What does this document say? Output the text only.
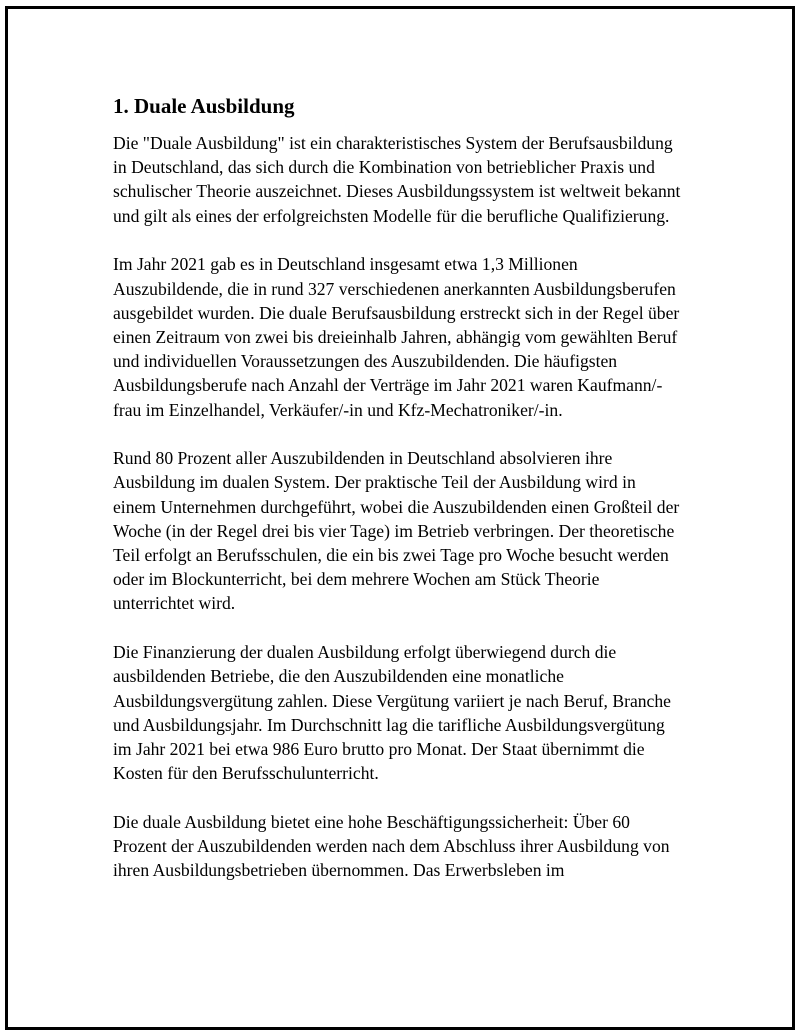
1. Duale Ausbildung

Die "Duale Ausbildung" ist ein charakteristisches System der Berufsausbildung in Deutschland, das sich durch die Kombination von betrieblicher Praxis und schulischer Theorie auszeichnet. Dieses Ausbildungssystem ist weltweit bekannt und gilt als eines der erfolgreichsten Modelle für die berufliche Qualifizierung.

Im Jahr 2021 gab es in Deutschland insgesamt etwa 1,3 Millionen Auszubildende, die in rund 327 verschiedenen anerkannten Ausbildungsberufen ausgebildet wurden. Die duale Berufsausbildung erstreckt sich in der Regel über einen Zeitraum von zwei bis dreieinhalb Jahren, abhängig vom gewählten Beruf und individuellen Voraussetzungen des Auszubildenden. Die häufigsten Ausbildungsberufe nach Anzahl der Verträge im Jahr 2021 waren Kaufmann/-frau im Einzelhandel, Verkäufer/-in und Kfz-Mechatroniker/-in.

Rund 80 Prozent aller Auszubildenden in Deutschland absolvieren ihre Ausbildung im dualen System. Der praktische Teil der Ausbildung wird in einem Unternehmen durchgeführt, wobei die Auszubildenden einen Großteil der Woche (in der Regel drei bis vier Tage) im Betrieb verbringen. Der theoretische Teil erfolgt an Berufsschulen, die ein bis zwei Tage pro Woche besucht werden oder im Blockunterricht, bei dem mehrere Wochen am Stück Theorie unterrichtet wird.

Die Finanzierung der dualen Ausbildung erfolgt überwiegend durch die ausbildenden Betriebe, die den Auszubildenden eine monatliche Ausbildungsvergütung zahlen. Diese Vergütung variiert je nach Beruf, Branche und Ausbildungsjahr. Im Durchschnitt lag die tarifliche Ausbildungsvergütung im Jahr 2021 bei etwa 986 Euro brutto pro Monat. Der Staat übernimmt die Kosten für den Berufsschulunterricht.

Die duale Ausbildung bietet eine hohe Beschäftigungssicherheit: Über 60 Prozent der Auszubildenden werden nach dem Abschluss ihrer Ausbildung von ihren Ausbildungsbetrieben übernommen. Das Erwerbsleben im
